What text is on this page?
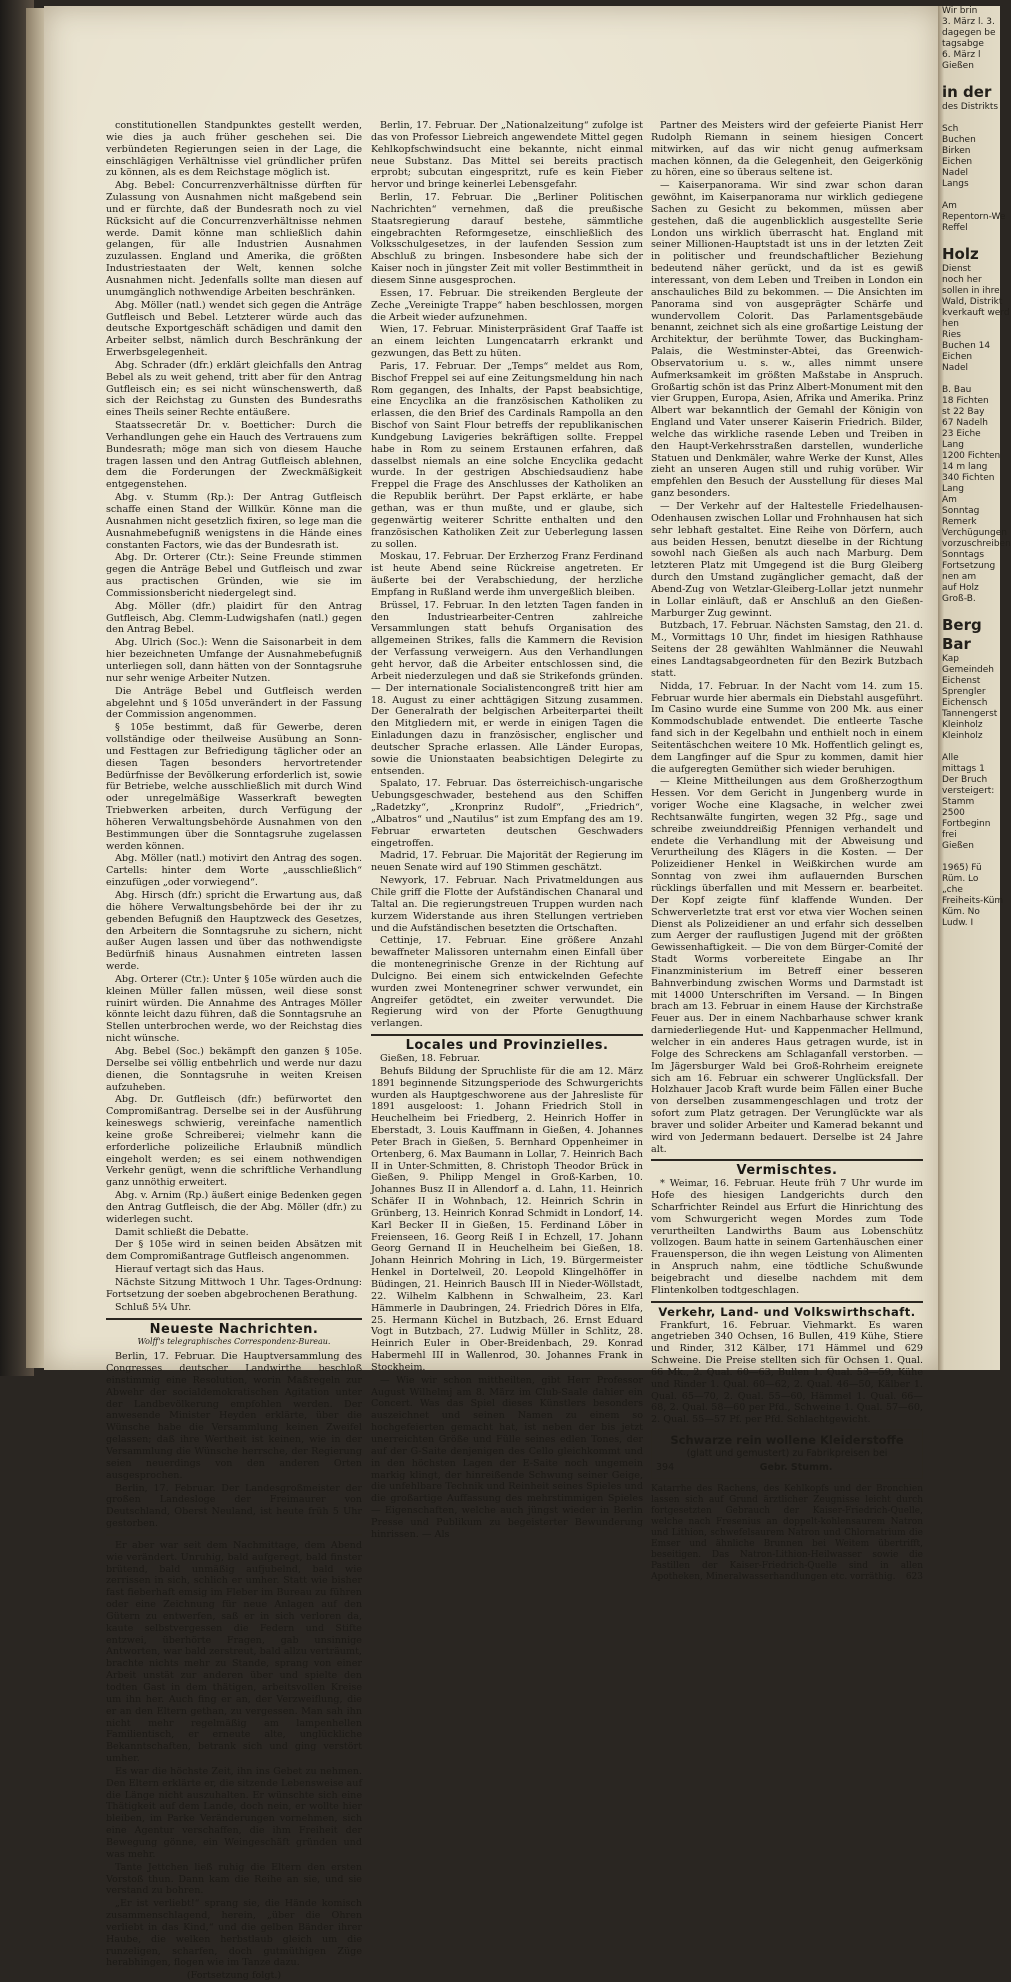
constitutionellen Standpunktes gestellt werden, wie dies ja auch früher geschehen sei. Die verbündeten Regierungen seien in der Lage, die einschlägigen Verhältnisse viel gründlicher prüfen zu können, als es dem Reichstage möglich ist.

Abg. Bebel: Concurrenzverhältnisse dürften für Zulassung von Ausnahmen nicht maßgebend sein und er fürchte, daß der Bundesrath noch zu viel Rücksicht auf die Concurrenzverhältnisse nehmen werde. Damit könne man schließlich dahin gelangen, für alle Industrien Ausnahmen zuzulassen. England und Amerika, die größten Industriestaaten der Welt, kennen solche Ausnahmen nicht. Jedenfalls sollte man diesen auf unumgänglich nothwendige Arbeiten beschränken.

Abg. Möller (natl.) wendet sich gegen die Anträge Gutfleisch und Bebel. Letzterer würde auch das deutsche Exportgeschäft schädigen und damit den Arbeiter selbst, nämlich durch Beschränkung der Erwerbsgelegenheit.

Abg. Schrader (dfr.) erklärt gleichfalls den Antrag Bebel als zu weit gehend, tritt aber für den Antrag Gutfleisch ein; es sei nicht wünschenswerth, daß sich der Reichstag zu Gunsten des Bundesraths eines Theils seiner Rechte entäußere.

Staatssecretär Dr. v. Boetticher: Durch die Verhandlungen gehe ein Hauch des Vertrauens zum Bundesrath; möge man sich von diesem Hauche tragen lassen und den Antrag Gutfleisch ablehnen, dem die Forderungen der Zweckmäßigkeit entgegenstehen.

Abg. v. Stumm (Rp.): Der Antrag Gutfleisch schaffe einen Stand der Willkür. Könne man die Ausnahmen nicht gesetzlich fixiren, so lege man die Ausnahmebefugniß wenigstens in die Hände eines constanten Factors, wie das der Bundesrath ist.

Abg. Dr. Orterer (Ctr.): Seine Freunde stimmen gegen die Anträge Bebel und Gutfleisch und zwar aus practischen Gründen, wie sie im Commissionsbericht niedergelegt sind.

Abg. Möller (dfr.) plaidirt für den Antrag Gutfleisch, Abg. Clemm-Ludwigshafen (natl.) gegen den Antrag Bebel.

Abg. Ulrich (Soc.): Wenn die Saisonarbeit in dem hier bezeichneten Umfange der Ausnahmebefugniß unterliegen soll, dann hätten von der Sonntagsruhe nur sehr wenige Arbeiter Nutzen.

Die Anträge Bebel und Gutfleisch werden abgelehnt und § 105d unverändert in der Fassung der Commission angenommen.

§ 105e bestimmt, daß für Gewerbe, deren vollständige oder theilweise Ausübung an Sonn- und Festtagen zur Befriedigung täglicher oder an diesen Tagen besonders hervortretender Bedürfnisse der Bevölkerung erforderlich ist, sowie für Betriebe, welche ausschließlich mit durch Wind oder unregelmäßige Wasserkraft bewegten Triebwerken arbeiten, durch Verfügung der höheren Verwaltungsbehörde Ausnahmen von den Bestimmungen über die Sonntagsruhe zugelassen werden können.

Abg. Möller (natl.) motivirt den Antrag des sogen. Cartells: hinter dem Worte „ausschließlich“ einzufügen „oder vorwiegend“.

Abg. Hirsch (dfr.) spricht die Erwartung aus, daß die höhere Verwaltungsbehörde bei der ihr zu gebenden Befugniß den Hauptzweck des Gesetzes, den Arbeitern die Sonntagsruhe zu sichern, nicht außer Augen lassen und über das nothwendigste Bedürfniß hinaus Ausnahmen eintreten lassen werde.

Abg. Orterer (Ctr.): Unter § 105e würden auch die kleinen Müller fallen müssen, weil diese sonst ruinirt würden. Die Annahme des Antrages Möller könnte leicht dazu führen, daß die Sonntagsruhe an Stellen unterbrochen werde, wo der Reichstag dies nicht wünsche.

Abg. Bebel (Soc.) bekämpft den ganzen § 105e. Derselbe sei völlig entbehrlich und werde nur dazu dienen, die Sonntagsruhe in weiten Kreisen aufzuheben.

Abg. Dr. Gutfleisch (dfr.) befürwortet den Compromißantrag. Derselbe sei in der Ausführung keineswegs schwierig, vereinfache namentlich keine große Schreiberei; vielmehr kann die erforderliche polizeiliche Erlaubniß mündlich eingeholt werden; es sei einem nothwendigen Verkehr genügt, wenn die schriftliche Verhandlung ganz unnöthig erweitert.

Abg. v. Arnim (Rp.) äußert einige Bedenken gegen den Antrag Gutfleisch, die der Abg. Möller (dfr.) zu widerlegen sucht.

Damit schließt die Debatte.

Der § 105e wird in seinen beiden Absätzen mit dem Compromißantrage Gutfleisch angenommen.

Hierauf vertagt sich das Haus.

Nächste Sitzung Mittwoch 1 Uhr. Tages-Ordnung: Fortsetzung der soeben abgebrochenen Berathung.

Schluß 5¼ Uhr.

Neueste Nachrichten.
Wolff's telegraphisches Correspondenz-Bureau.

Berlin, 17. Februar. Die Hauptversammlung des Congresses deutscher Landwirthe beschloß einstimmig eine Resolution, worin Maßregeln zur Abwehr der socialdemokratischen Agitation unter der Landbevölkerung empfohlen werden. Der anwesende Minister Heyden erklärte, über die Wünsche habe die Versammlung keinen Zweifel gelassen; daß ihre Wertheit ist keinen, wie in der Versammlung die Wünsche herrsche, der Regierung seien neuerdings von den anderen Orten ausgesprochen.

Berlin, 17. Februar. Der Landesgroßmeister der großen Landesloge der Freimaurer von Deutschland, Oberst Neuland, ist heute früh 5 Uhr gestorben.

Er aber war seit dem Nachmittage, dem Abend wie verändert. Unruhig, bald aufgeregt, bald finster brütend, bald unmäßig aufjubelnd, bald wie zerrissen in sich, schlich er umher. Statt wie bisher fast fieberhaft emsig im Fleber im Bureau zu führen oder eine Zeichnung für neue Anlagen auf den Gütern zu entwerfen, saß er in sich verloren da, kaute selbstvergessen die Federn und Stifte entzwei, überhörte Fragen, gab unsinnige Antworten, war bald zerstreut, bald allzu verträumt, brachte nichts mehr zu Stande, sprang von einer Arbeit unstät zur anderen über und spielte den todten Gast in dem thätigen, arbeitsvollen Kreise um ihn her. Auch fing er an, der Verzweiflung, die er an den Eltern gethan, zu vergessen. Man sah ihn nicht mehr regelmäßig am lampenhellen Familientisch, er erneute alte, unglückliche Bekanntschaften, betrank sich und ging verstört umher.

Es war die höchste Zeit, ihn ins Gebet zu nehmen. Den Eltern erklärte er, die sitzende Lebensweise auf die Länge nicht auszuhalten. Er wünschte sich eine Thätigkeit auf dem Lande, doch nein, er wollte hier bleiben, im Parke Veränderungen vornehmen, sich eine Agentur verschaffen, die ihm Freiheit der Bewegung gönne, ein Weingeschäft gründen und was mehr.

Tante Jettchen ließ ruhig die Eltern den ersten Vorstoß thun. Dann kam die Reihe an sie, und sie verstand zu bohren.

„Er ist verliebt!“ sprang sie, die Hände komisch zusammenschlagend, herein, „über die Ohren verliebt in das Kind,“ und die gelben Bänder ihrer Haube, die welken herbstlaub gleich um die runzeligen, scharfen, doch gutmüthigen Züge herabhingen, flogen wie im Tanze dazu.

(Fortsetzung folgt.)

Berlin, 17. Februar. Der „Nationalzeitung“ zufolge ist das von Professor Liebreich angewendete Mittel gegen Kehlkopfschwindsucht eine bekannte, nicht einmal neue Substanz. Das Mittel sei bereits practisch erprobt; subcutan eingespritzt, rufe es kein Fieber hervor und bringe keinerlei Lebensgefahr.

Berlin, 17. Februar. Die „Berliner Politischen Nachrichten“ vernehmen, daß die preußische Staatsregierung darauf bestehe, sämmtliche eingebrachten Reformgesetze, einschließlich des Volksschulgesetzes, in der laufenden Session zum Abschluß zu bringen. Insbesondere habe sich der Kaiser noch in jüngster Zeit mit voller Bestimmtheit in diesem Sinne ausgesprochen.

Essen, 17. Februar. Die streikenden Bergleute der Zeche „Vereinigte Trappe“ haben beschlossen, morgen die Arbeit wieder aufzunehmen.

Wien, 17. Februar. Ministerpräsident Graf Taaffe ist an einem leichten Lungencatarrh erkrankt und gezwungen, das Bett zu hüten.

Paris, 17. Februar. Der „Temps“ meldet aus Rom, Bischof Freppel sei auf eine Zeitungsmeldung hin nach Rom gegangen, des Inhalts, der Papst beabsichtige, eine Encyclika an die französischen Katholiken zu erlassen, die den Brief des Cardinals Rampolla an den Bischof von Saint Flour betreffs der republikanischen Kundgebung Lavigeries bekräftigen sollte. Freppel habe in Rom zu seinem Erstaunen erfahren, daß dasselbst niemals an eine solche Encyclika gedacht wurde. In der gestrigen Abschiedsaudienz habe Freppel die Frage des Anschlusses der Katholiken an die Republik berührt. Der Papst erklärte, er habe gethan, was er thun mußte, und er glaube, sich gegenwärtig weiterer Schritte enthalten und den französischen Katholiken Zeit zur Ueberlegung lassen zu sollen.

Moskau, 17. Februar. Der Erzherzog Franz Ferdinand ist heute Abend seine Rückreise angetreten. Er äußerte bei der Verabschiedung, der herzliche Empfang in Rußland werde ihm unvergeßlich bleiben.

Brüssel, 17. Februar. In den letzten Tagen fanden in den Industriearbeiter-Centren zahlreiche Versammlungen statt behufs Organisation des allgemeinen Strikes, falls die Kammern die Revision der Verfassung verweigern. Aus den Verhandlungen geht hervor, daß die Arbeiter entschlossen sind, die Arbeit niederzulegen und daß sie Strikefonds gründen. — Der internationale Socialistencongreß tritt hier am 18. August zu einer achttägigen Sitzung zusammen. Der Generalrath der belgischen Arbeiterpartei theilt den Mitgliedern mit, er werde in einigen Tagen die Einladungen dazu in französischer, englischer und deutscher Sprache erlassen. Alle Länder Europas, sowie die Unionstaaten beabsichtigen Delegirte zu entsenden.

Spalato, 17. Februar. Das österreichisch-ungarische Uebungsgeschwader, bestehend aus den Schiffen „Radetzky“, „Kronprinz Rudolf“, „Friedrich“, „Albatros“ und „Nautilus“ ist zum Empfang des am 19. Februar erwarteten deutschen Geschwaders eingetroffen.

Madrid, 17. Februar. Die Majorität der Regierung im neuen Senate wird auf 190 Stimmen geschätzt.

Newyork, 17. Februar. Nach Privatmeldungen aus Chile griff die Flotte der Aufständischen Chanaral und Taltal an. Die regierungstreuen Truppen wurden nach kurzem Widerstande aus ihren Stellungen vertrieben und die Aufständischen besetzten die Ortschaften.

Cettinje, 17. Februar. Eine größere Anzahl bewaffneter Malissoren unternahm einen Einfall über die montenegrinische Grenze in der Richtung auf Dulcigno. Bei einem sich entwickelnden Gefechte wurden zwei Montenegriner schwer verwundet, ein Angreifer getödtet, ein zweiter verwundet. Die Regierung wird von der Pforte Genugthuung verlangen.

Locales und Provinzielles.

Gießen, 18. Februar.

Behufs Bildung der Spruchliste für die am 12. März 1891 beginnende Sitzungsperiode des Schwurgerichts wurden als Hauptgeschworene aus der Jahresliste für 1891 ausgeloost: 1. Johann Friedrich Stoll in Heuchelheim bei Friedberg, 2. Heinrich Hoffer in Eberstadt, 3. Louis Kauffmann in Gießen, 4. Johannes Peter Brach in Gießen, 5. Bernhard Oppenheimer in Ortenberg, 6. Max Baumann in Lollar, 7. Heinrich Bach II in Unter-Schmitten, 8. Christoph Theodor Brück in Gießen, 9. Philipp Mengel in Groß-Karben, 10. Johannes Busz II in Allendorf a. d. Lahn, 11. Heinrich Schäfer II in Wohnbach, 12. Heinrich Schrin in Grünberg, 13. Heinrich Konrad Schmidt in Londorf, 14. Karl Becker II in Gießen, 15. Ferdinand Löber in Freienseen, 16. Georg Reiß I in Echzell, 17. Johann Georg Gernand II in Heuchelheim bei Gießen, 18. Johann Heinrich Mohring in Lich, 19. Bürgermeister Henkel in Dortelweil, 20. Leopold Klingelhöffer in Büdingen, 21. Heinrich Bausch III in Nieder-Wöllstadt, 22. Wilhelm Kalbhenn in Schwalheim, 23. Karl Hämmerle in Daubringen, 24. Friedrich Döres in Elfa, 25. Hermann Küchel in Butzbach, 26. Ernst Eduard Vogt in Butzbach, 27. Ludwig Müller in Schlitz, 28. Heinrich Euler in Ober-Breidenbach, 29. Konrad Habermehl III in Wallenrod, 30. Johannes Frank in Stockheim.

— Wie wir schon mittheilten, gibt Herr Professor August Wilhelmj am 8. März im Club-Saale dahier ein Concert. Was das Spiel dieses Künstlers besonders auszeichnet und seinen Namen zu einem so hochgefeierten gemacht hat, ist neben der bis jetzt unerreichten Größe und Fülle seines edlen Tones, der auf der G-Saite denjenigen des Cello gleichkommt und in den höchsten Lagen der E-Saite noch ungemein markig klingt, der hinreißende Schwung seiner Geige, die unfehlbare Technik und Reinheit seines Spieles und die großartige Auffassung des mehrstimmigen Spieles — Eigenschaften, welche auch jüngst wieder in Berlin Presse und Publikum zu begeisterter Bewunderung hinrissen. — Als

Partner des Meisters wird der gefeierte Pianist Herr Rudolph Riemann in seinem hiesigen Concert mitwirken, auf das wir nicht genug aufmerksam machen können, da die Gelegenheit, den Geigerkönig zu hören, eine so überaus seltene ist.

— Kaiserpanorama. Wir sind zwar schon daran gewöhnt, im Kaiserpanorama nur wirklich gediegene Sachen zu Gesicht zu bekommen, müssen aber gestehen, daß die augenblicklich ausgestellte Serie London uns wirklich überrascht hat. England mit seiner Millionen-Hauptstadt ist uns in der letzten Zeit in politischer und freundschaftlicher Beziehung bedeutend näher gerückt, und da ist es gewiß interessant, von dem Leben und Treiben in London ein anschauliches Bild zu bekommen. — Die Ansichten im Panorama sind von ausgeprägter Schärfe und wundervollem Colorit. Das Parlamentsgebäude benannt, zeichnet sich als eine großartige Leistung der Architektur, der berühmte Tower, das Buckingham-Palais, die Westminster-Abtei, das Greenwich-Observatorium u. s. w., alles nimmt unsere Aufmerksamkeit im größten Maßstabe in Anspruch. Großartig schön ist das Prinz Albert-Monument mit den vier Gruppen, Europa, Asien, Afrika und Amerika. Prinz Albert war bekanntlich der Gemahl der Königin von England und Vater unserer Kaiserin Friedrich. Bilder, welche das wirkliche rasende Leben und Treiben in den Haupt-Verkehrsstraßen darstellen, wunderliche Statuen und Denkmäler, wahre Werke der Kunst, Alles zieht an unseren Augen still und ruhig vorüber. Wir empfehlen den Besuch der Ausstellung für dieses Mal ganz besonders.

— Der Verkehr auf der Haltestelle Friedelhausen-Odenhausen zwischen Lollar und Frohnhausen hat sich sehr lebhaft gestaltet. Eine Reihe von Dörfern, auch aus beiden Hessen, benutzt dieselbe in der Richtung sowohl nach Gießen als auch nach Marburg. Dem letzteren Platz mit Umgegend ist die Burg Gleiberg durch den Umstand zugänglicher gemacht, daß der Abend-Zug von Wetzlar-Gleiberg-Lollar jetzt nunmehr in Lollar einläuft, daß er Anschluß an den Gießen-Marburger Zug gewinnt.

Butzbach, 17. Februar. Nächsten Samstag, den 21. d. M., Vormittags 10 Uhr, findet im hiesigen Rathhause Seitens der 28 gewählten Wahlmänner die Neuwahl eines Landtagsabgeordneten für den Bezirk Butzbach statt.

Nidda, 17. Februar. In der Nacht vom 14. zum 15. Februar wurde hier abermals ein Diebstahl ausgeführt. Im Casino wurde eine Summe von 200 Mk. aus einer Kommodschublade entwendet. Die entleerte Tasche fand sich in der Kegelbahn und enthielt noch in einem Seitentäschchen weitere 10 Mk. Hoffentlich gelingt es, dem Langfinger auf die Spur zu kommen, damit hier die aufgeregten Gemüther sich wieder beruhigen.

— Kleine Mittheilungen aus dem Großherzogthum Hessen. Vor dem Gericht in Jungenberg wurde in voriger Woche eine Klagsache, in welcher zwei Rechtsanwälte fungirten, wegen 32 Pfg., sage und schreibe zweiunddreißig Pfennigen verhandelt und endete die Verhandlung mit der Abweisung und Verurtheilung des Klägers in die Kosten. — Der Polizeidiener Henkel in Weißkirchen wurde am Sonntag von zwei ihm auflauernden Burschen rücklings überfallen und mit Messern er. bearbeitet. Der Kopf zeigte fünf klaffende Wunden. Der Schwerverletzte trat erst vor etwa vier Wochen seinen Dienst als Polizeidiener an und erfahr sich desselben zum Aerger der rauflustigen Jugend mit der größten Gewissenhaftigkeit. — Die von dem Bürger-Comité der Stadt Worms vorbereitete Eingabe an Ihr Finanzministerium im Betreff einer besseren Bahnverbindung zwischen Worms und Darmstadt ist mit 14000 Unterschriften im Versand. — In Bingen brach am 13. Februar in einem Hause der Kirchstraße Feuer aus. Der in einem Nachbarhause schwer krank darniederliegende Hut- und Kappenmacher Hellmund, welcher in ein anderes Haus getragen wurde, ist in Folge des Schreckens am Schlaganfall verstorben. — Im Jägersburger Wald bei Groß-Rohrheim ereignete sich am 16. Februar ein schwerer Unglücksfall. Der Holzhauer Jacob Kraft wurde beim Fällen einer Buche von derselben zusammengeschlagen und trotz der sofort zum Platz getragen. Der Verunglückte war als braver und solider Arbeiter und Kamerad bekannt und wird von Jedermann bedauert. Derselbe ist 24 Jahre alt.

Vermischtes.

* Weimar, 16. Februar. Heute früh 7 Uhr wurde im Hofe des hiesigen Landgerichts durch den Scharfrichter Reindel aus Erfurt die Hinrichtung des vom Schwurgericht wegen Mordes zum Tode verurtheilten Landwirths Baum aus Lobenschütz vollzogen. Baum hatte in seinem Gartenhäuschen einer Frauensperson, die ihn wegen Leistung von Alimenten in Anspruch nahm, eine tödtliche Schußwunde beigebracht und dieselbe nachdem mit dem Flintenkolben todtgeschlagen.

Verkehr, Land- und Volkswirthschaft.

Frankfurt, 16. Februar. Viehmarkt. Es waren angetrieben 340 Ochsen, 16 Bullen, 419 Kühe, Stiere und Rinder, 312 Kälber, 171 Hämmel und 629 Schweine. Die Preise stellten sich für Ochsen 1. Qual. 66 Mk., 2. Qual. 60—63, Bullen 1. Qual. 53—59, Kühe und Rinder 1. Qual. 60—62, 2. Qual. 46—50, Kälber 1. Qual. 65—70, 2. Qual. 55—60, Hämmel 1. Qual. 66—68, 2. Qual. 58—60 per Pfd., Schweine 1. Qual. 57—60, 2. Qual. 55—57 Pf. per Pfd. Schlachtgewicht.

Schwarze rein wollene Kleiderstoffe
(glatt und gemustert) zu Fabrikpreisen bei
394	Gebr. Stumm.
Katarrhe des Rachens, des Kehlkopfs und der Bronchien lassen sich auf Grund ärztlicher Zeugnisse leicht durch fortgesetzten Gebrauch der Kaiser-Friedrich-Quelle, welche nach Fresenius an doppelt-kohlensaurem Natron und Lithion, schwefelsaurem Natron und Chlornatrium die Emser und ähnliche Brunnen bei Weitem übertrifft, beseitigen. Das Natron-Lithion-Heilwasser sowie die Pastillen der Kaiser-Friedrich-Quelle sind in allen Apotheken, Mineralwasserhandlungen etc. vorräthig. 623
Wir brin
3. März l. 3.
dagegen be
tagsabge
6. März l
Gießen

in der
des Distrikts

Sch
Buchen
Birken
Eichen
Nadel
Langs

Am
Repentorn-We
Reffel

Holz
Dienst
noch her
sollen in ihre
Wald, Distrikt
kverkauft werd
hen
Ries
Buchen 14
Eichen
Nadel

B. Bau
18 Fichten
st 22 Bay
67 Nadelh
23 Eiche
Lang
1200 Fichten
14 m lang
340 Fichten
Lang
Am
Sonntag
Remerk
Verchügungen
vorzuschreiben
Sonntags
Fortsetzung
nen am
auf Holz
Groß-B.

Berg
Bar
Kap
Gemeindeh
Eichenst
Sprengler
Eichensch
Tannengerst
Kleinholz
Kleinholz

Alle
mittags 1
Der Bruch
versteigert:
Stamm
2500
Fortbeginn
frei
Gießen

1965) Fü
Rüm. Lo
„che
Freiheits-Küm
Küm. No
Ludw. I
